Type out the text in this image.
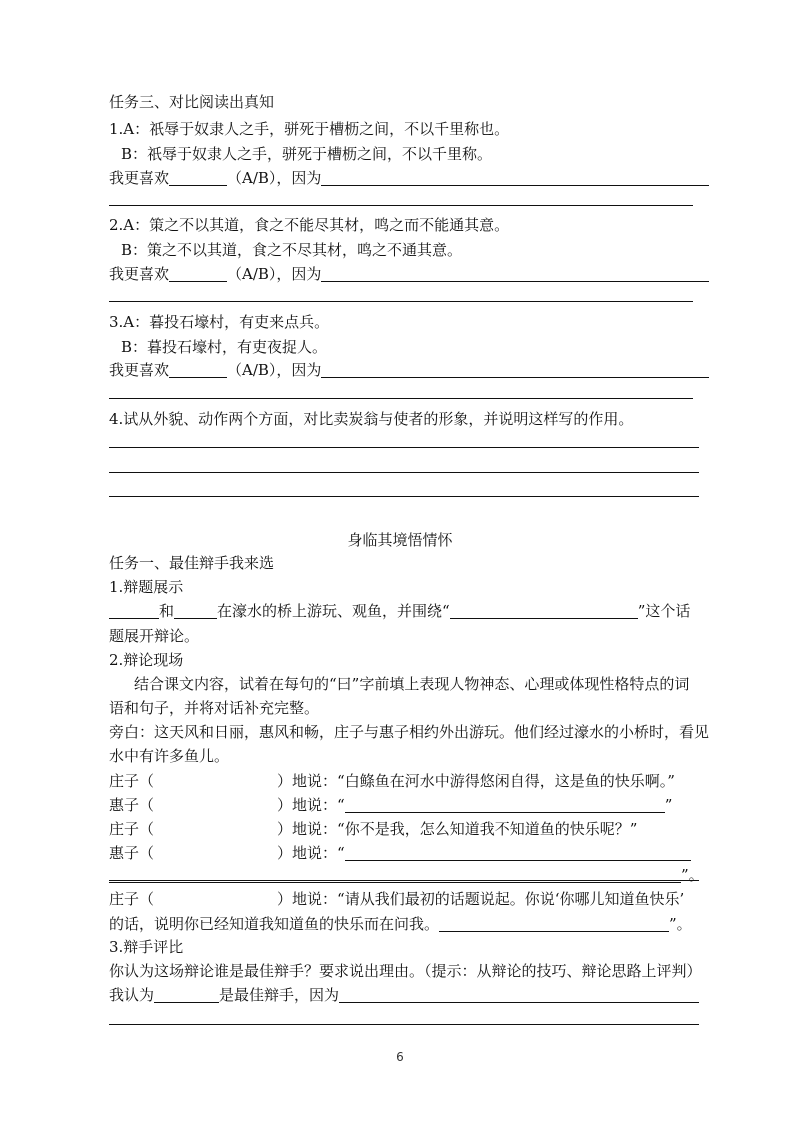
任务三、对比阅读出真知
1.A：祇辱于奴隶人之手，骈死于槽枥之间，不以千里称也。
B：祇辱于奴隶人之手，骈死于槽枥之间，不以千里称。
我更喜欢	（A/B），因为
2.A：策之不以其道，食之不能尽其材，鸣之而不能通其意。
B：策之不以其道，食之不尽其材，鸣之不通其意。
我更喜欢	（A/B），因为
3.A：暮投石壕村，有吏来点兵。
B：暮投石壕村，有吏夜捉人。
我更喜欢	（A/B），因为
4.试从外貌、动作两个方面，对比卖炭翁与使者的形象，并说明这样写的作用。
身临其境悟情怀
任务一、最佳辩手我来选
1.辩题展示
和	在濠水的桥上游玩、观鱼，并围绕“	”这个话
题展开辩论。
2.辩论现场
结合课文内容，试着在每句的“曰”字前填上表现人物神态、心理或体现性格特点的词
语和句子，并将对话补充完整。
旁白：这天风和日丽，惠风和畅，庄子与惠子相约外出游玩。他们经过濠水的小桥时，看见
水中有许多鱼儿。
庄子（	）地说：“白鲦鱼在河水中游得悠闲自得，这是鱼的快乐啊。”
惠子（	）地说：“	”
庄子（	）地说：“你不是我，怎么知道我不知道鱼的快乐呢？”
惠子（	）地说：“
”。
庄子（	）地说：“请从我们最初的话题说起。你说‘你哪儿知道鱼快乐’
的话，说明你已经知道我知道鱼的快乐而在问我。	”。
3.辩手评比
你认为这场辩论谁是最佳辩手？要求说出理由。（提示：从辩论的技巧、辩论思路上评判）
我认为	是最佳辩手，因为
6
